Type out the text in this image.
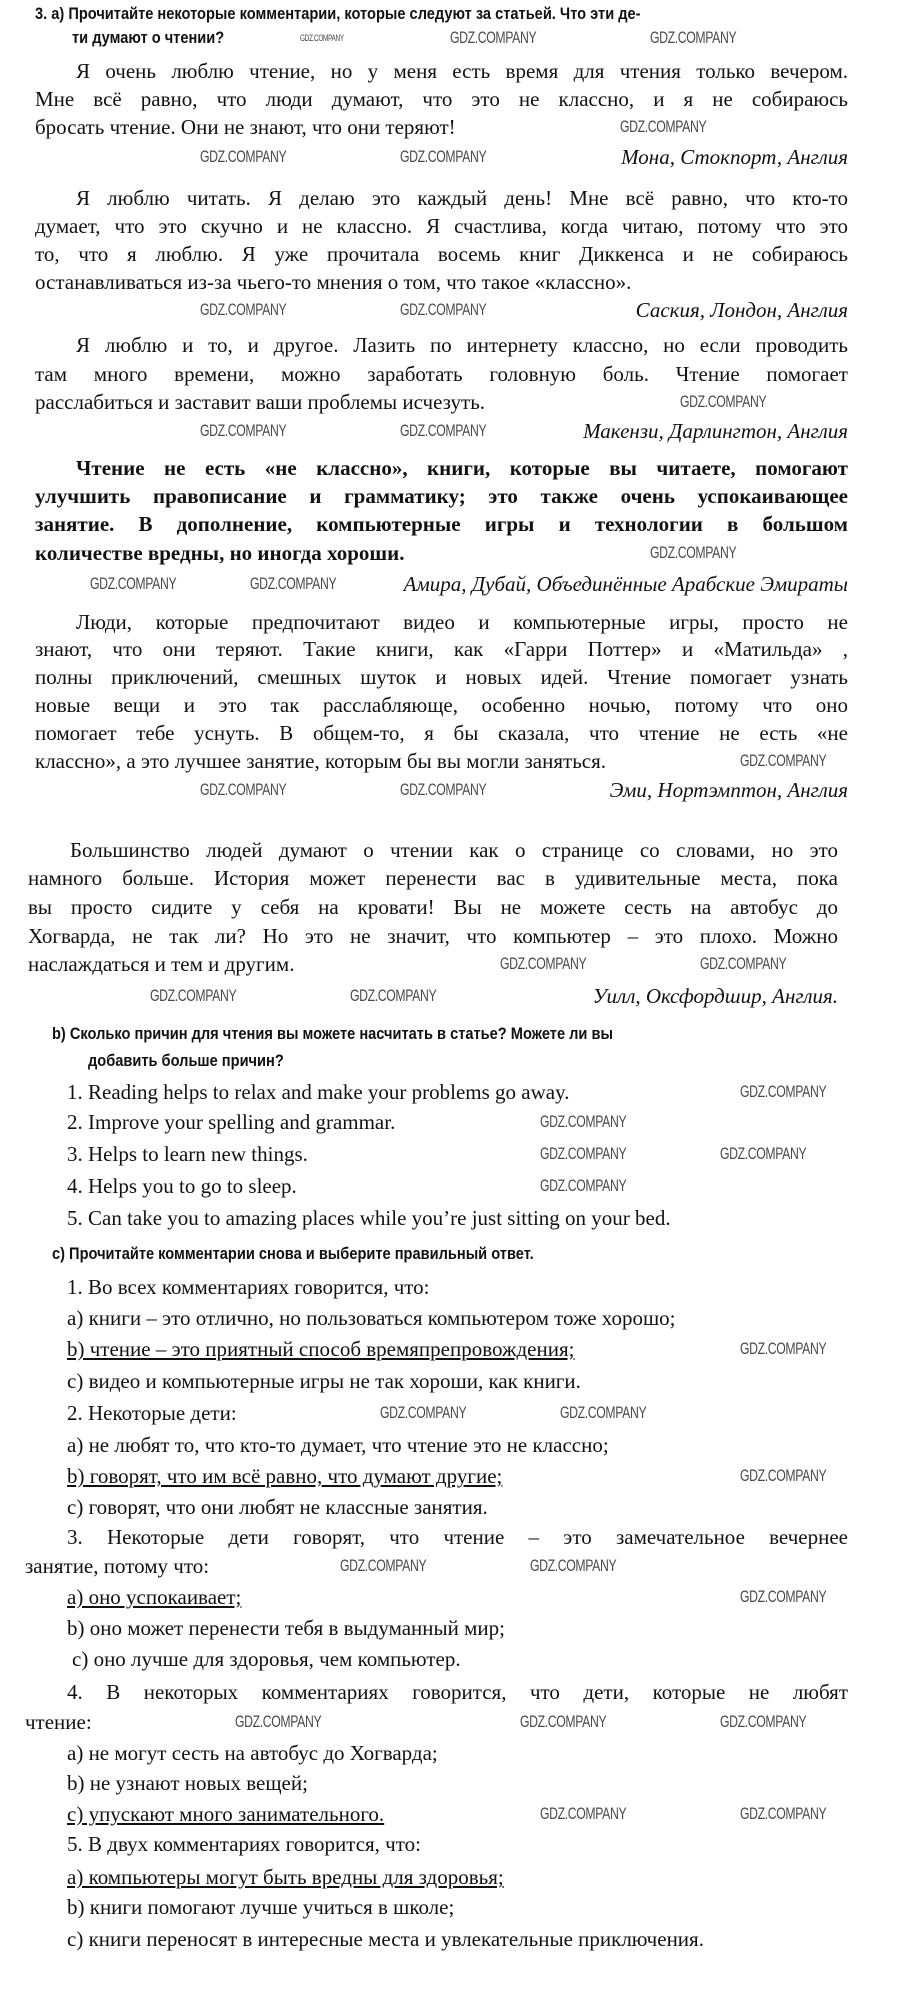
3. a) Прочитайте некоторые комментарии, которые следуют за статьей. Что эти де-
ти думают о чтении?
Я очень люблю чтение, но у меня есть время для чтения только вечером.
Мне всё равно, что люди думают, что это не классно, и я не собираюсь
бросать чтение. Они не знают, что они теряют!
Мона, Стокпорт, Англия
Я люблю читать. Я делаю это каждый день! Мне всё равно, что кто-то
думает, что это скучно и не классно. Я счастлива, когда читаю, потому что это
то, что я люблю. Я уже прочитала восемь книг Диккенса и не собираюсь
останавливаться из-за чьего-то мнения о том, что такое «классно».
Саския, Лондон, Англия
Я люблю и то, и другое. Лазить по интернету классно, но если проводить
там много времени, можно заработать головную боль. Чтение помогает
расслабиться и заставит ваши проблемы исчезуть.
Макензи, Дарлингтон, Англия
Чтение не есть «не классно», книги, которые вы читаете, помогают
улучшить правописание и грамматику; это также очень успокаивающее
занятие. В дополнение, компьютерные игры и технологии в большом
количестве вредны, но иногда хороши.
Амира, Дубай, Объединённые Арабские Эмираты
Люди, которые предпочитают видео и компьютерные игры, просто не
знают, что они теряют. Такие книги, как «Гарри Поттер» и «Матильда» ,
полны приключений, смешных шуток и новых идей. Чтение помогает узнать
новые вещи и это так расслабляюще, особенно ночью, потому что оно
помогает тебе уснуть. В общем-то, я бы сказала, что чтение не есть «не
классно», а это лучшее занятие, которым бы вы могли заняться.
Эми, Нортэмптон, Англия
Большинство людей думают о чтении как о странице со словами, но это
намного больше. История может перенести вас в удивительные места, пока
вы просто сидите у себя на кровати! Вы не можете сесть на автобус до
Хогварда, не так ли? Но это не значит, что компьютер – это плохо. Можно
наслаждаться и тем и другим.
Уилл, Оксфордшир, Англия.
b) Сколько причин для чтения вы можете насчитать в статье? Можете ли вы
добавить больше причин?
1. Reading helps to relax and make your problems go away.
2. Improve your spelling and grammar.
3. Helps to learn new things.
4. Helps you to go to sleep.
5. Can take you to amazing places while you’re just sitting on your bed.
c) Прочитайте комментарии снова и выберите правильный ответ.
1. Во всех комментариях говорится, что:
a) книги – это отлично, но пользоваться компьютером тоже хорошо;
b) чтение – это приятный способ времяпрепровождения;
c) видео и компьютерные игры не так хороши, как книги.
2. Некоторые дети:
a) не любят то, что кто-то думает, что чтение это не классно;
b) говорят, что им всё равно, что думают другие;
c) говорят, что они любят не классные занятия.
3. Некоторые дети говорят, что чтение – это замечательное вечернее
занятие, потому что:
a) оно успокаивает;
b) оно может перенести тебя в выдуманный мир;
c) оно лучше для здоровья, чем компьютер.
4. В некоторых комментариях говорится, что дети, которые не любят
чтение:
a) не могут сесть на автобус до Хогварда;
b) не узнают новых вещей;
c) упускают много занимательного.
5. В двух комментариях говорится, что:
a) компьютеры могут быть вредны для здоровья;
b) книги помогают лучше учиться в школе;
c) книги переносят в интересные места и увлекательные приключения.
GDZ.COMPANY	GDZ.COMPANY	GDZ.COMPANY
GDZ.COMPANY
GDZ.COMPANY	GDZ.COMPANY
GDZ.COMPANY	GDZ.COMPANY
GDZ.COMPANY
GDZ.COMPANY	GDZ.COMPANY
GDZ.COMPANY
GDZ.COMPANY	GDZ.COMPANY
GDZ.COMPANY
GDZ.COMPANY	GDZ.COMPANY
GDZ.COMPANY	GDZ.COMPANY
GDZ.COMPANY	GDZ.COMPANY
GDZ.COMPANY
GDZ.COMPANY
GDZ.COMPANY	GDZ.COMPANY
GDZ.COMPANY
GDZ.COMPANY
GDZ.COMPANY	GDZ.COMPANY
GDZ.COMPANY
GDZ.COMPANY	GDZ.COMPANY
GDZ.COMPANY
GDZ.COMPANY	GDZ.COMPANY	GDZ.COMPANY
GDZ.COMPANY	GDZ.COMPANY
